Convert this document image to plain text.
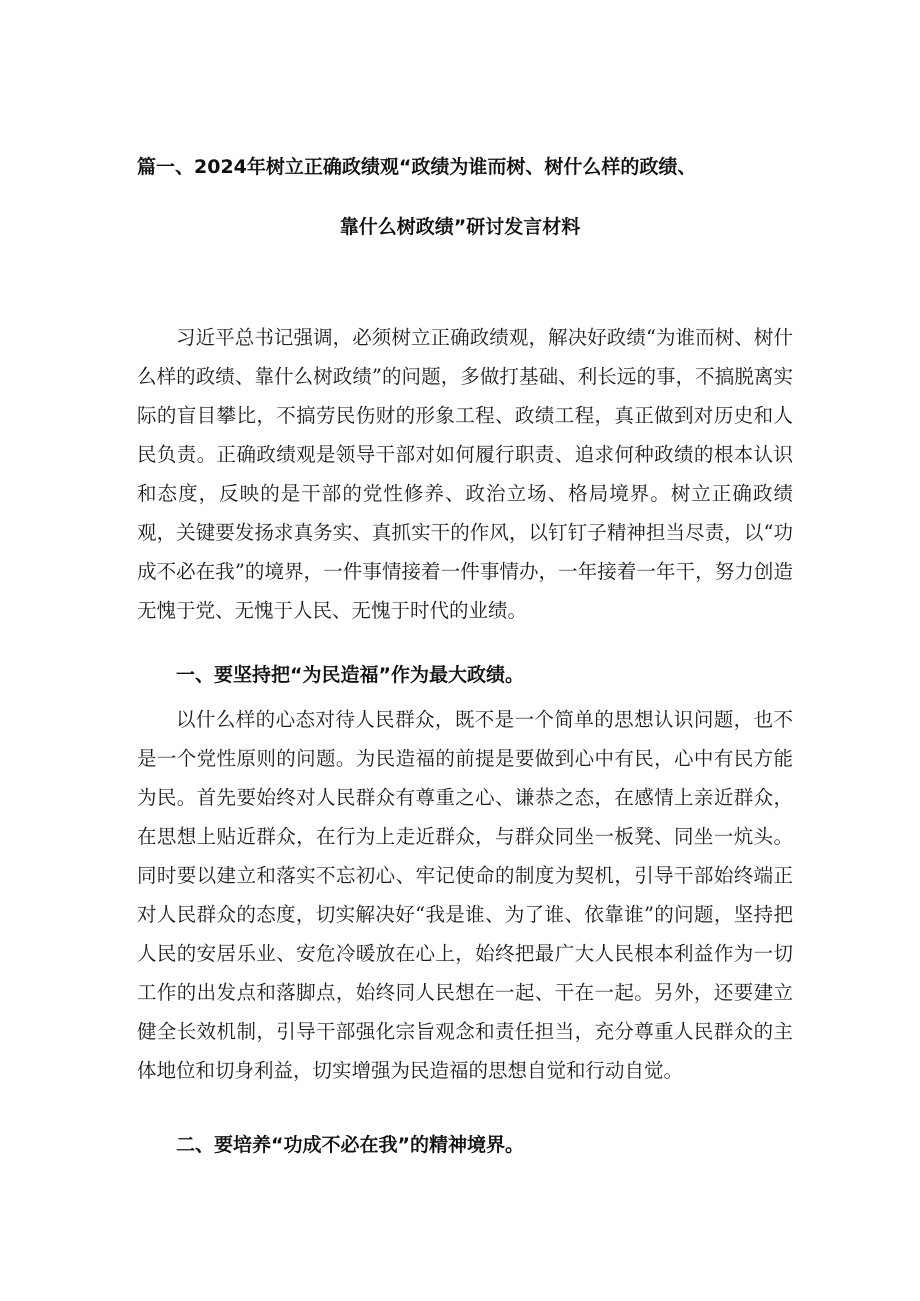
篇一、2024年树立正确政绩观“政绩为谁而树、树什么样的政绩、
靠什么树政绩”研讨发言材料

习近平总书记强调，必须树立正确政绩观，解决好政绩“为谁而树、树什么样的政绩、靠什么树政绩”的问题，多做打基础、利长远的事，不搞脱离实际的盲目攀比，不搞劳民伤财的形象工程、政绩工程，真正做到对历史和人民负责。正确政绩观是领导干部对如何履行职责、追求何种政绩的根本认识和态度，反映的是干部的党性修养、政治立场、格局境界。树立正确政绩观，关键要发扬求真务实、真抓实干的作风，以钉钉子精神担当尽责，以“功成不必在我”的境界，一件事情接着一件事情办，一年接着一年干，努力创造无愧于党、无愧于人民、无愧于时代的业绩。

一、要坚持把“为民造福”作为最大政绩。

以什么样的心态对待人民群众，既不是一个简单的思想认识问题，也不是一个党性原则的问题。为民造福的前提是要做到心中有民，心中有民方能为民。首先要始终对人民群众有尊重之心、谦恭之态，在感情上亲近群众，在思想上贴近群众，在行为上走近群众，与群众同坐一板凳、同坐一炕头。同时要以建立和落实不忘初心、牢记使命的制度为契机，引导干部始终端正对人民群众的态度，切实解决好“我是谁、为了谁、依靠谁”的问题，坚持把人民的安居乐业、安危冷暖放在心上，始终把最广大人民根本利益作为一切工作的出发点和落脚点，始终同人民想在一起、干在一起。另外，还要建立健全长效机制，引导干部强化宗旨观念和责任担当，充分尊重人民群众的主体地位和切身利益，切实增强为民造福的思想自觉和行动自觉。

二、要培养“功成不必在我”的精神境界。
